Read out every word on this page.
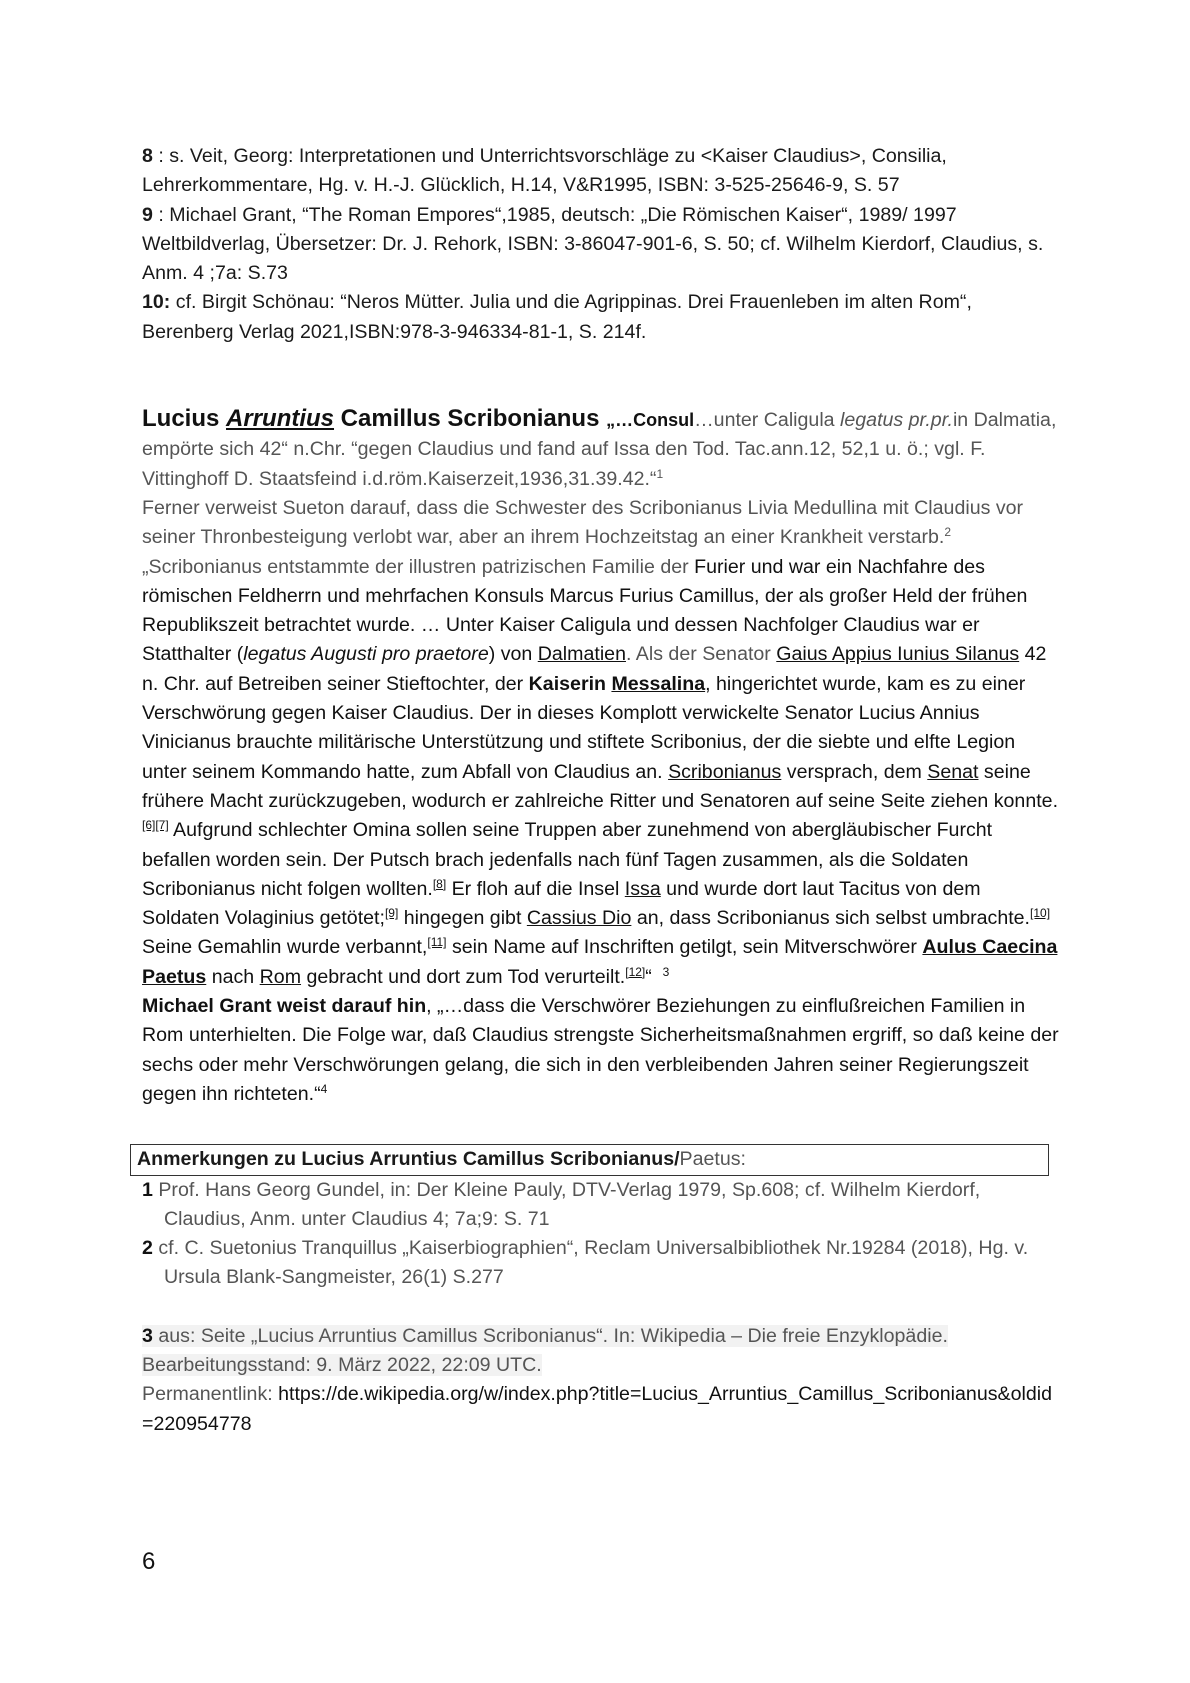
8 : s. Veit, Georg: Interpretationen und Unterrichtsvorschläge zu <Kaiser Claudius>, Consilia, Lehrerkommentare, Hg. v. H.-J. Glücklich, H.14, V&R1995, ISBN: 3-525-25646-9, S. 57

9 : Michael Grant, “The Roman Empores“,1985, deutsch: „Die Römischen Kaiser“, 1989/ 1997 Weltbildverlag, Übersetzer: Dr. J. Rehork, ISBN: 3-86047-901-6, S. 50; cf. Wilhelm Kierdorf, Claudius, s. Anm. 4 ;7a: S.73

10: cf. Birgit Schönau: “Neros Mütter. Julia und die Agrippinas. Drei Frauenleben im alten Rom“, Berenberg Verlag 2021,ISBN:978-3-946334-81-1, S. 214f.

Lucius Arruntius Camillus Scribonianus „…Consul…unter Caligula legatus pr.pr.in Dalmatia, empörte sich 42“ n.Chr. “gegen Claudius und fand auf Issa den Tod. Tac.ann.12, 52,1 u. ö.; vgl. F. Vittinghoff D. Staatsfeind i.d.röm.Kaiserzeit,1936,31.39.42.“$^1$

Ferner verweist Sueton darauf, dass die Schwester des Scribonianus Livia Medullina mit Claudius vor seiner Thronbesteigung verlobt war, aber an ihrem Hochzeitstag an einer Krankheit verstarb.$^2$

„Scribonianus entstammte der illustren patrizischen Familie der Furier und war ein Nachfahre des römischen Feldherrn und mehrfachen Konsuls Marcus Furius Camillus, der als großer Held der frühen Republikszeit betrachtet wurde. … Unter Kaiser Caligula und dessen Nachfolger Claudius war er Statthalter (legatus Augusti pro praetore) von Dalmatien. Als der Senator Gaius Appius Iunius Silanus 42 n. Chr. auf Betreiben seiner Stieftochter, der Kaiserin Messalina, hingerichtet wurde, kam es zu einer Verschwörung gegen Kaiser Claudius. Der in dieses Komplott verwickelte Senator Lucius Annius Vinicianus brauchte militärische Unterstützung und stiftete Scribonius, der die siebte und elfte Legion unter seinem Kommando hatte, zum Abfall von Claudius an. Scribonianus versprach, dem Senat seine frühere Macht zurückzugeben, wodurch er zahlreiche Ritter und Senatoren auf seine Seite ziehen konnte.[6][7] Aufgrund schlechter Omina sollen seine Truppen aber zunehmend von abergläubischer Furcht befallen worden sein. Der Putsch brach jedenfalls nach fünf Tagen zusammen, als die Soldaten Scribonianus nicht folgen wollten.[8] Er floh auf die Insel Issa und wurde dort laut Tacitus von dem Soldaten Volaginius getötet;[9] hingegen gibt Cassius Dio an, dass Scribonianus sich selbst umbrachte.[10] Seine Gemahlin wurde verbannt,[11] sein Name auf Inschriften getilgt, sein Mitverschwörer Aulus Caecina Paetus nach Rom gebracht und dort zum Tod verurteilt.[12]“ $^3$

Michael Grant weist darauf hin, „…dass die Verschwörer Beziehungen zu einflußreichen Familien in Rom unterhielten. Die Folge war, daß Claudius strengste Sicherheitsmaßnahmen ergriff, so daß keine der sechs oder mehr Verschwörungen gelang, die sich in den verbleibenden Jahren seiner Regierungszeit gegen ihn richteten.“$^4$

Anmerkungen zu Lucius Arruntius Camillus Scribonianus/Paetus:

1 Prof. Hans Georg Gundel, in: Der Kleine Pauly, DTV-Verlag 1979, Sp.608; cf. Wilhelm Kierdorf, Claudius, Anm. unter Claudius 4; 7a;9: S. 71

2 cf. C. Suetonius Tranquillus „Kaiserbiographien“, Reclam Universalbibliothek Nr.19284 (2018), Hg. v. Ursula Blank-Sangmeister, 26(1) S.277

3 aus: Seite „Lucius Arruntius Camillus Scribonianus“. In: Wikipedia – Die freie Enzyklopädie.
Bearbeitungsstand: 9. März 2022, 22:09 UTC.
Permanentlink: https://de.wikipedia.org/w/index.php?title=Lucius_Arruntius_Camillus_Scribonianus&oldid=220954778

6
